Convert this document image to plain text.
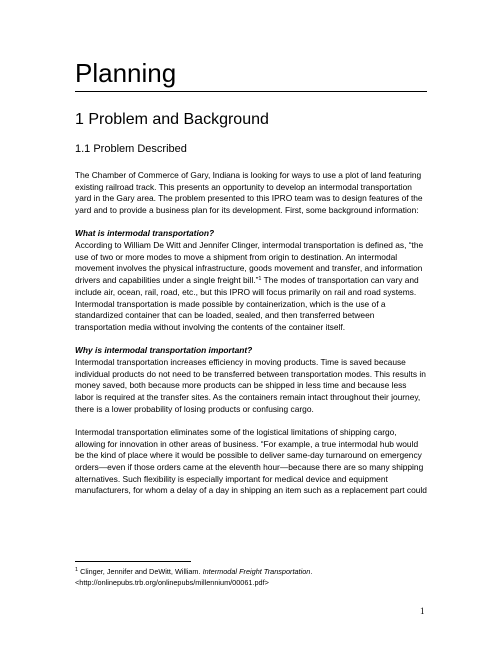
Planning
1 Problem and Background
1.1 Problem Described

The Chamber of Commerce of Gary, Indiana is looking for ways to use a plot of land featuring existing railroad track. This presents an opportunity to develop an intermodal transportation yard in the Gary area. The problem presented to this IPRO team was to design features of the yard and to provide a business plan for its development. First, some background information:

What is intermodal transportation?

According to William De Witt and Jennifer Clinger, intermodal transportation is defined as, “the use of two or more modes to move a shipment from origin to destination. An intermodal movement involves the physical infrastructure, goods movement and transfer, and information drivers and capabilities under a single freight bill.”$^1$ The modes of transportation can vary and include air, ocean, rail, road, etc., but this IPRO will focus primarily on rail and road systems. Intermodal transportation is made possible by containerization, which is the use of a standardized container that can be loaded, sealed, and then transferred between transportation media without involving the contents of the container itself.

Why is intermodal transportation important?

Intermodal transportation increases efficiency in moving products. Time is saved because individual products do not need to be transferred between transportation modes. This results in money saved, both because more products can be shipped in less time and because less labor is required at the transfer sites. As the containers remain intact throughout their journey, there is a lower probability of losing products or confusing cargo.

Intermodal transportation eliminates some of the logistical limitations of shipping cargo, allowing for innovation in other areas of business. “For example, a true intermodal hub would be the kind of place where it would be possible to deliver same-day turnaround on emergency orders—even if those orders came at the eleventh hour—because there are so many shipping alternatives. Such flexibility is especially important for medical device and equipment manufacturers, for whom a delay of a day in shipping an item such as a replacement part could

$^1$ Clinger, Jennifer and DeWitt, William. Intermodal Freight Transportation.
<http://onlinepubs.trb.org/onlinepubs/millennium/00061.pdf>
1
